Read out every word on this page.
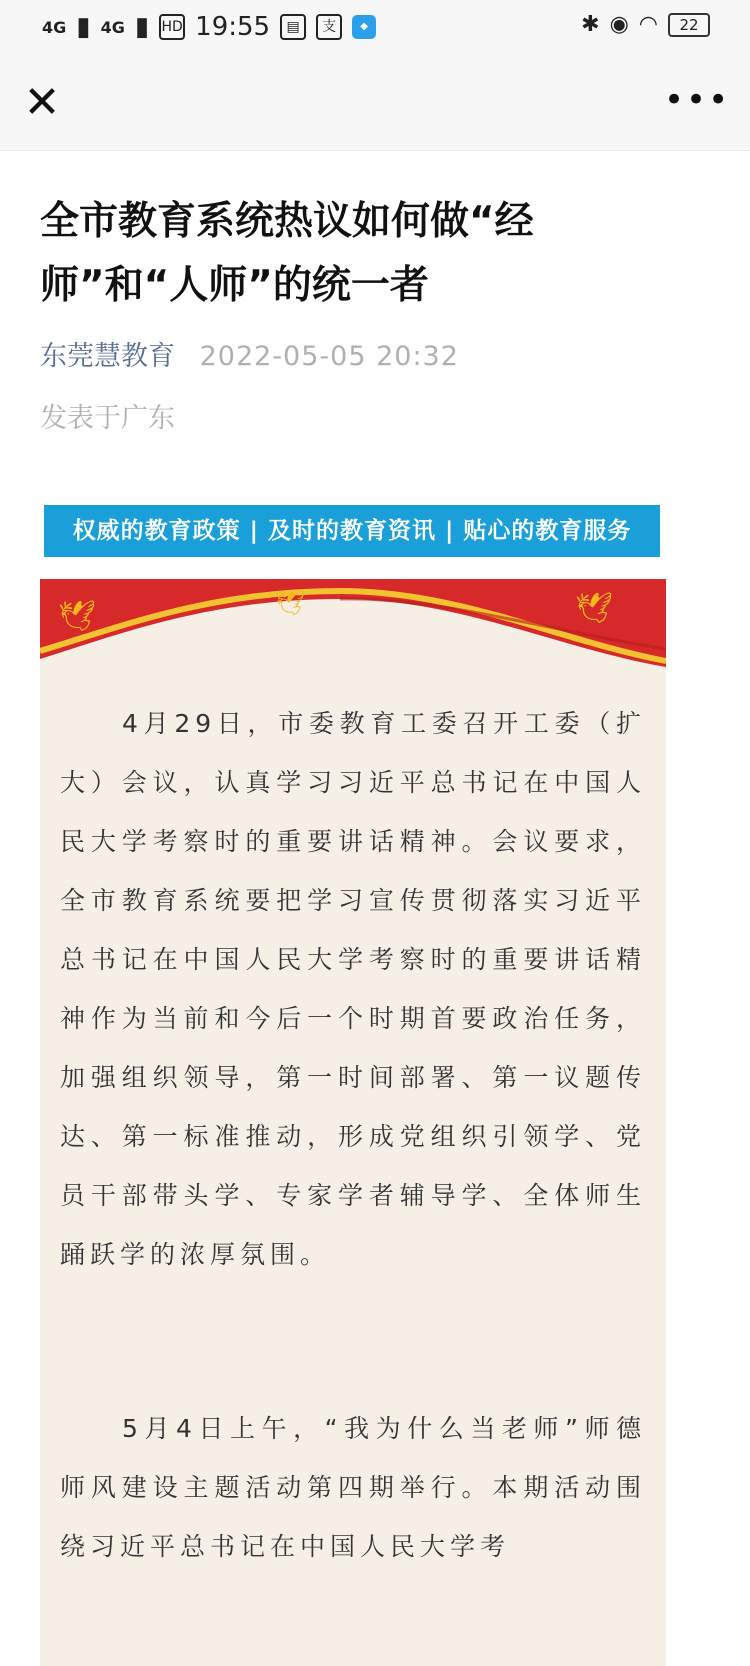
4G ▮ 4G ▮ HD 19:55	▤	支	◆	✱ ◉ ◠	22
✕	•••
全市教育系统热议如何做“经师”和“人师”的统一者
东莞慧教育 2022-05-05 20:32
发表于广东
权威的教育政策 | 及时的教育资讯 | 贴心的教育服务
🕊	🕊	🕊
4月29日，市委教育工委召开工委（扩大）会议，认真学习习近平总书记在中国人民大学考察时的重要讲话精神。会议要求，全市教育系统要把学习宣传贯彻落实习近平总书记在中国人民大学考察时的重要讲话精神作为当前和今后一个时期首要政治任务，加强组织领导，第一时间部署、第一议题传达、第一标准推动，形成党组织引领学、党员干部带头学、专家学者辅导学、全体师生踊跃学的浓厚氛围。
5月4日上午，“我为什么当老师”师德师风建设主题活动第四期举行。本期活动围绕习近平总书记在中国人民大学考
